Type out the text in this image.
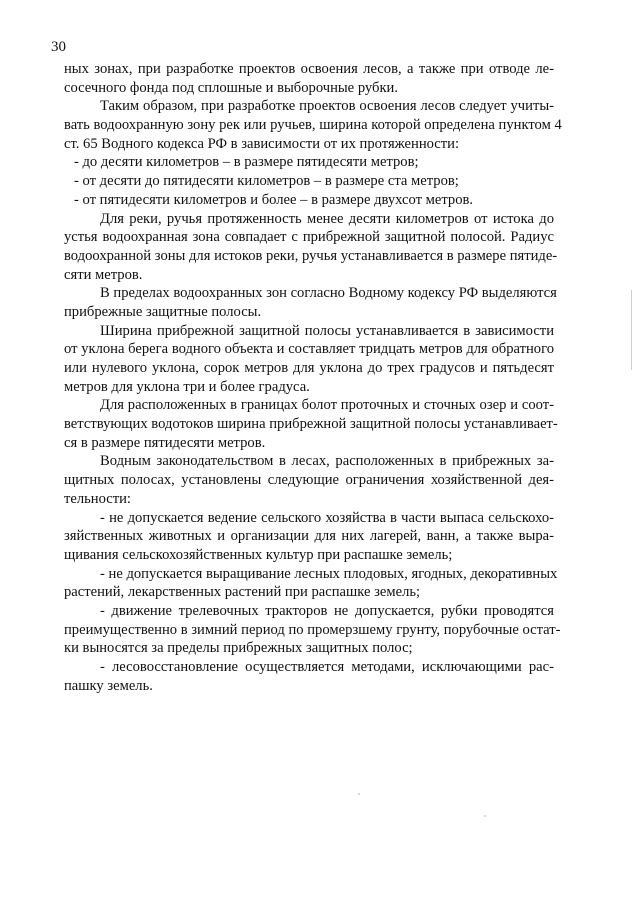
30
ных зонах, при разработке проектов освоения лесов, а также при отводе ле-
сосечного фонда под сплошные и выборочные рубки.
Таким образом, при разработке проектов освоения лесов следует учиты-
вать водоохранную зону рек или ручьев, ширина которой определена пунктом 4
ст. 65 Водного кодекса РФ в зависимости от их протяженности:
- до десяти километров – в размере пятидесяти метров;
- от десяти до пятидесяти километров – в размере ста метров;
- от пятидесяти километров и более – в размере двухсот метров.
Для реки, ручья протяженность менее десяти километров от истока до
устья водоохранная зона совпадает с прибрежной защитной полосой. Радиус
водоохранной зоны для истоков реки, ручья устанавливается в размере пятиде-
сяти метров.
В пределах водоохранных зон согласно Водному кодексу РФ выделяются
прибрежные защитные полосы.
Ширина прибрежной защитной полосы устанавливается в зависимости
от уклона берега водного объекта и составляет тридцать метров для обратного
или нулевого уклона, сорок метров для уклона до трех градусов и пятьдесят
метров для уклона три и более градуса.
Для расположенных в границах болот проточных и сточных озер и соот-
ветствующих водотоков ширина прибрежной защитной полосы устанавливает-
ся в размере пятидесяти метров.
Водным законодательством в лесах, расположенных в прибрежных за-
щитных полосах, установлены следующие ограничения хозяйственной дея-
тельности:
- не допускается ведение сельского хозяйства в части выпаса сельскохо-
зяйственных животных и организации для них лагерей, ванн, а также выра-
щивания сельскохозяйственных культур при распашке земель;
- не допускается выращивание лесных плодовых, ягодных, декоративных
растений, лекарственных растений при распашке земель;
- движение трелевочных тракторов не допускается, рубки проводятся
преимущественно в зимний период по промерзшему грунту, порубочные остат-
ки выносятся за пределы прибрежных защитных полос;
- лесовосстановление осуществляется методами, исключающими рас-
пашку земель.
